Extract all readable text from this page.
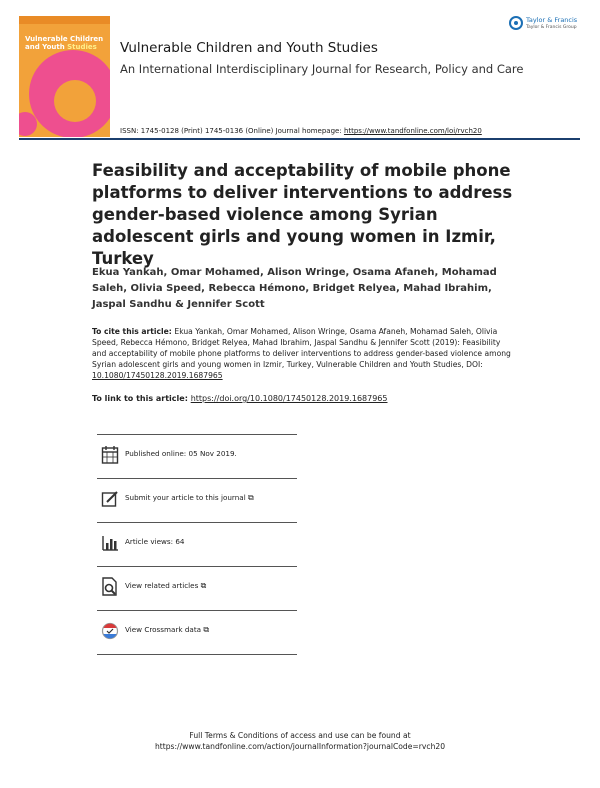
Vulnerable Children
and Youth Studies	Vulnerable Children and Youth Studies
An International Interdisciplinary Journal for Research, Policy and Care
ISSN: 1745-0128 (Print) 1745-0136 (Online) Journal homepage: https://www.tandfonline.com/loi/rvch20
Taylor & Francis
Taylor & Francis Group
Feasibility and acceptability of mobile phone platforms to deliver interventions to address gender-based violence among Syrian adolescent girls and young women in Izmir, Turkey
Ekua Yankah, Omar Mohamed, Alison Wringe, Osama Afaneh, Mohamad Saleh, Olivia Speed, Rebecca Hémono, Bridget Relyea, Mahad Ibrahim, Jaspal Sandhu & Jennifer Scott
To cite this article: Ekua Yankah, Omar Mohamed, Alison Wringe, Osama Afaneh, Mohamad Saleh, Olivia Speed, Rebecca Hémono, Bridget Relyea, Mahad Ibrahim, Jaspal Sandhu & Jennifer Scott (2019): Feasibility and acceptability of mobile phone platforms to deliver interventions to address gender-based violence among Syrian adolescent girls and young women in Izmir, Turkey, Vulnerable Children and Youth Studies, DOI: 10.1080/17450128.2019.1687965
To link to this article: https://doi.org/10.1080/17450128.2019.1687965
Published online: 05 Nov 2019.
Submit your article to this journal ⧉
Article views: 64
View related articles ⧉
View Crossmark data ⧉
Full Terms & Conditions of access and use can be found at
https://www.tandfonline.com/action/journalInformation?journalCode=rvch20
